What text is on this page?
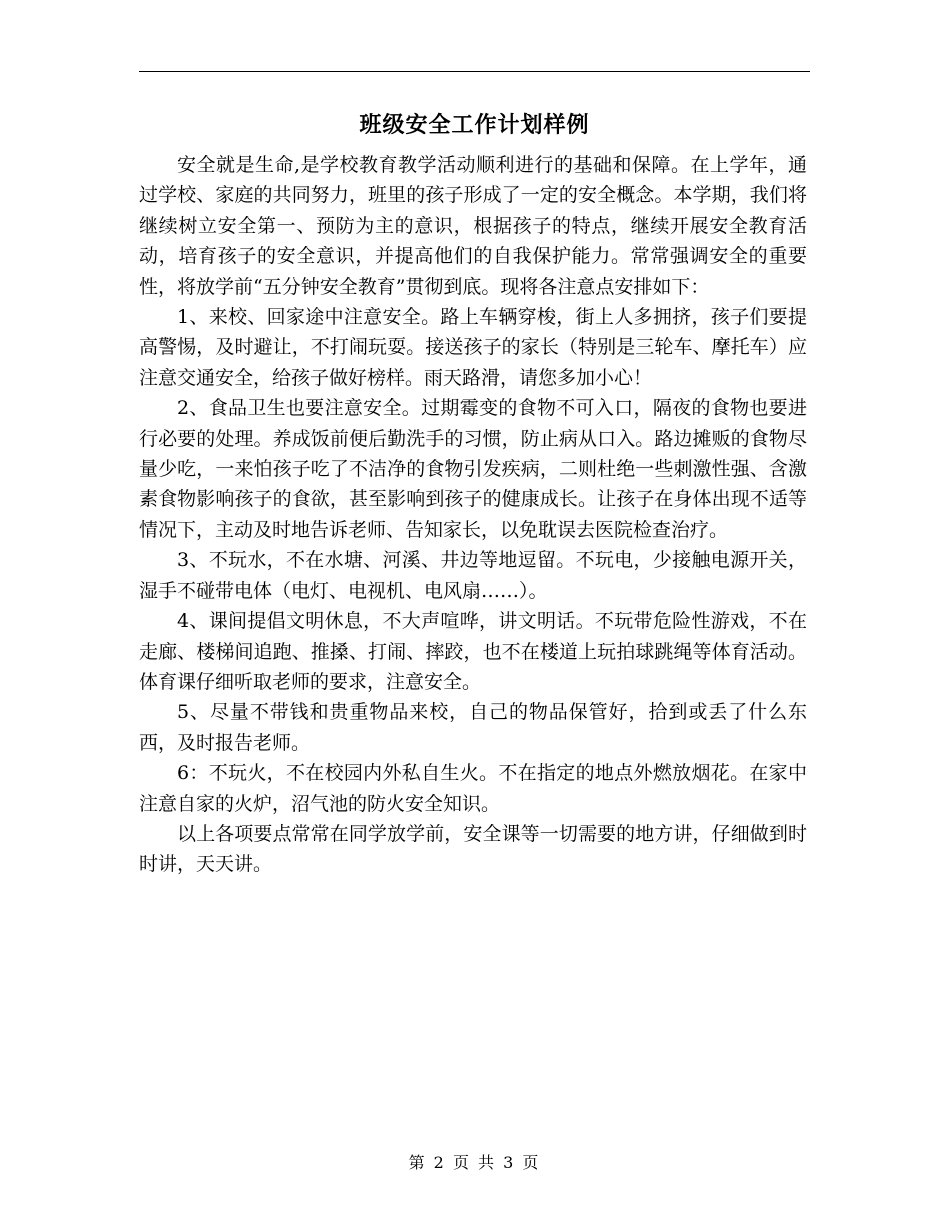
班级安全工作计划样例

安全就是生命,是学校教育教学活动顺利进行的基础和保障。在上学年，通过学校、家庭的共同努力，班里的孩子形成了一定的安全概念。本学期，我们将继续树立安全第一、预防为主的意识，根据孩子的特点，继续开展安全教育活动，培育孩子的安全意识，并提高他们的自我保护能力。常常强调安全的重要性，将放学前“五分钟安全教育”贯彻到底。现将各注意点安排如下：

1、来校、回家途中注意安全。路上车辆穿梭，街上人多拥挤，孩子们要提高警惕，及时避让，不打闹玩耍。接送孩子的家长（特别是三轮车、摩托车）应注意交通安全，给孩子做好榜样。雨天路滑，请您多加小心！

2、食品卫生也要注意安全。过期霉变的食物不可入口，隔夜的食物也要进行必要的处理。养成饭前便后勤洗手的习惯，防止病从口入。路边摊贩的食物尽量少吃，一来怕孩子吃了不洁净的食物引发疾病，二则杜绝一些刺激性强、含激素食物影响孩子的食欲，甚至影响到孩子的健康成长。让孩子在身体出现不适等情况下，主动及时地告诉老师、告知家长，以免耽误去医院检查治疗。

3、不玩水，不在水塘、河溪、井边等地逗留。不玩电，少接触电源开关，湿手不碰带电体（电灯、电视机、电风扇……）。

4、课间提倡文明休息，不大声喧哗，讲文明话。不玩带危险性游戏，不在走廊、楼梯间追跑、推搡、打闹、摔跤，也不在楼道上玩拍球跳绳等体育活动。体育课仔细听取老师的要求，注意安全。

5、尽量不带钱和贵重物品来校，自己的物品保管好，拾到或丢了什么东西，及时报告老师。

6：不玩火，不在校园内外私自生火。不在指定的地点外燃放烟花。在家中注意自家的火炉，沼气池的防火安全知识。

以上各项要点常常在同学放学前，安全课等一切需要的地方讲，仔细做到时时讲，天天讲。

第 2 页 共 3 页
